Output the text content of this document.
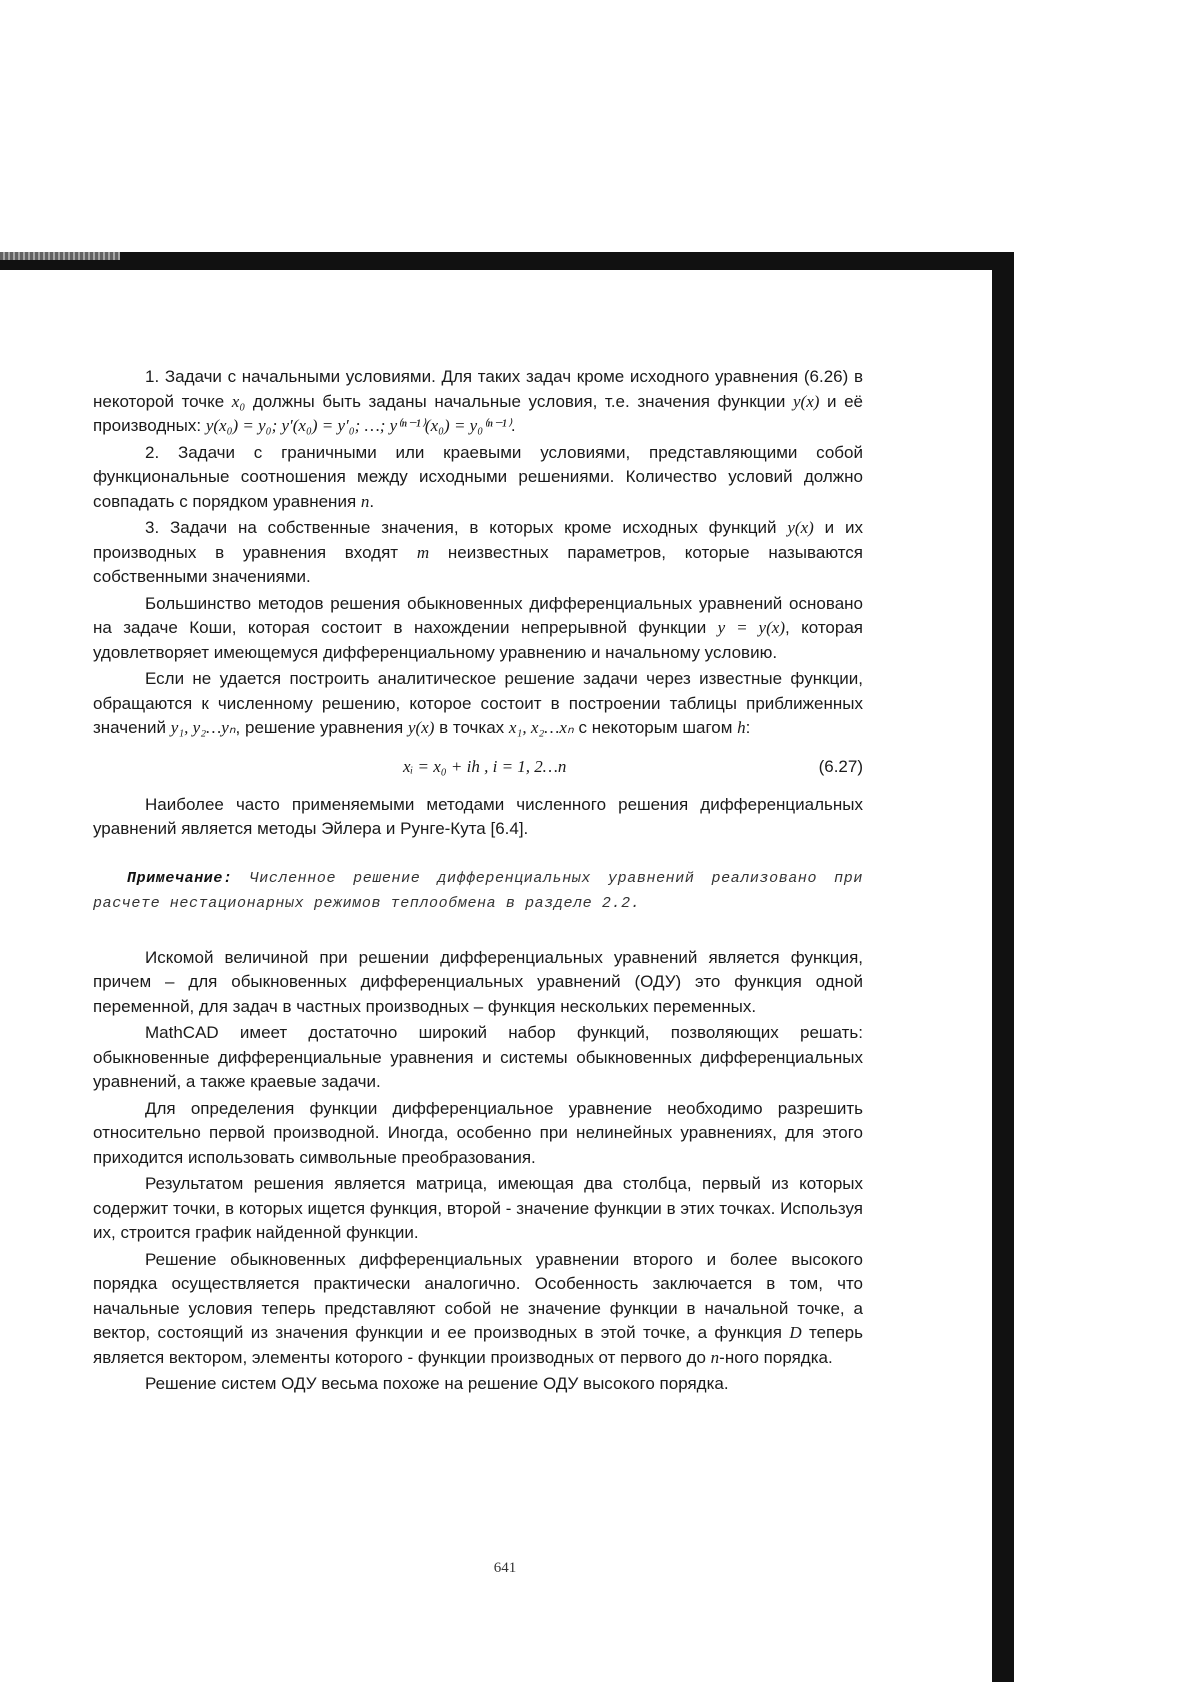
1. Задачи с начальными условиями. Для таких задач кроме исходного уравнения (6.26) в некоторой точке x₀ должны быть заданы начальные условия, т.е. значения функции y(x) и её производных: y(x₀) = y₀; y′(x₀) = y′₀; …; y⁽ⁿ⁻¹⁾(x₀) = y₀⁽ⁿ⁻¹⁾.

2. Задачи с граничными или краевыми условиями, представляющими собой функциональные соотношения между исходными решениями. Количество условий должно совпадать с порядком уравнения n.

3. Задачи на собственные значения, в которых кроме исходных функций y(x) и их производных в уравнения входят m неизвестных параметров, которые называются собственными значениями.

Большинство методов решения обыкновенных дифференциальных уравнений основано на задаче Коши, которая состоит в нахождении непрерывной функции y = y(x), которая удовлетворяет имеющемуся дифференциальному уравнению и начальному условию.

Если не удается построить аналитическое решение задачи через известные функции, обращаются к численному решению, которое состоит в построении таблицы приближенных значений y₁, y₂…yₙ, решение уравнения y(x) в точках x₁, x₂…xₙ с некоторым шагом h:

xᵢ = x₀ + ih , i = 1, 2…n	(6.27)

Наиболее часто применяемыми методами численного решения дифференциальных уравнений является методы Эйлера и Рунге-Кута [6.4].

Примечание: Численное решение дифференциальных уравнений реализовано при расчете нестационарных режимов теплообмена в разделе 2.2.

Искомой величиной при решении дифференциальных уравнений является функция, причем – для обыкновенных дифференциальных уравнений (ОДУ) это функция одной переменной, для задач в частных производных – функция нескольких переменных.

MathCAD имеет достаточно широкий набор функций, позволяющих решать: обыкновенные дифференциальные уравнения и системы обыкновенных дифференциальных уравнений, а также краевые задачи.

Для определения функции дифференциальное уравнение необходимо разрешить относительно первой производной. Иногда, особенно при нелинейных уравнениях, для этого приходится использовать символьные преобразования.

Результатом решения является матрица, имеющая два столбца, первый из которых содержит точки, в которых ищется функция, второй - значение функции в этих точках. Используя их, строится график найденной функции.

Решение обыкновенных дифференциальных уравнении второго и более высокого порядка осуществляется практически аналогично. Особенность заключается в том, что начальные условия теперь представляют собой не значение функции в начальной точке, а вектор, состоящий из значения функции и ее производных в этой точке, а функция D теперь является вектором, элементы которого - функции производных от первого до n-ного порядка.

Решение систем ОДУ весьма похоже на решение ОДУ высокого порядка.

641
